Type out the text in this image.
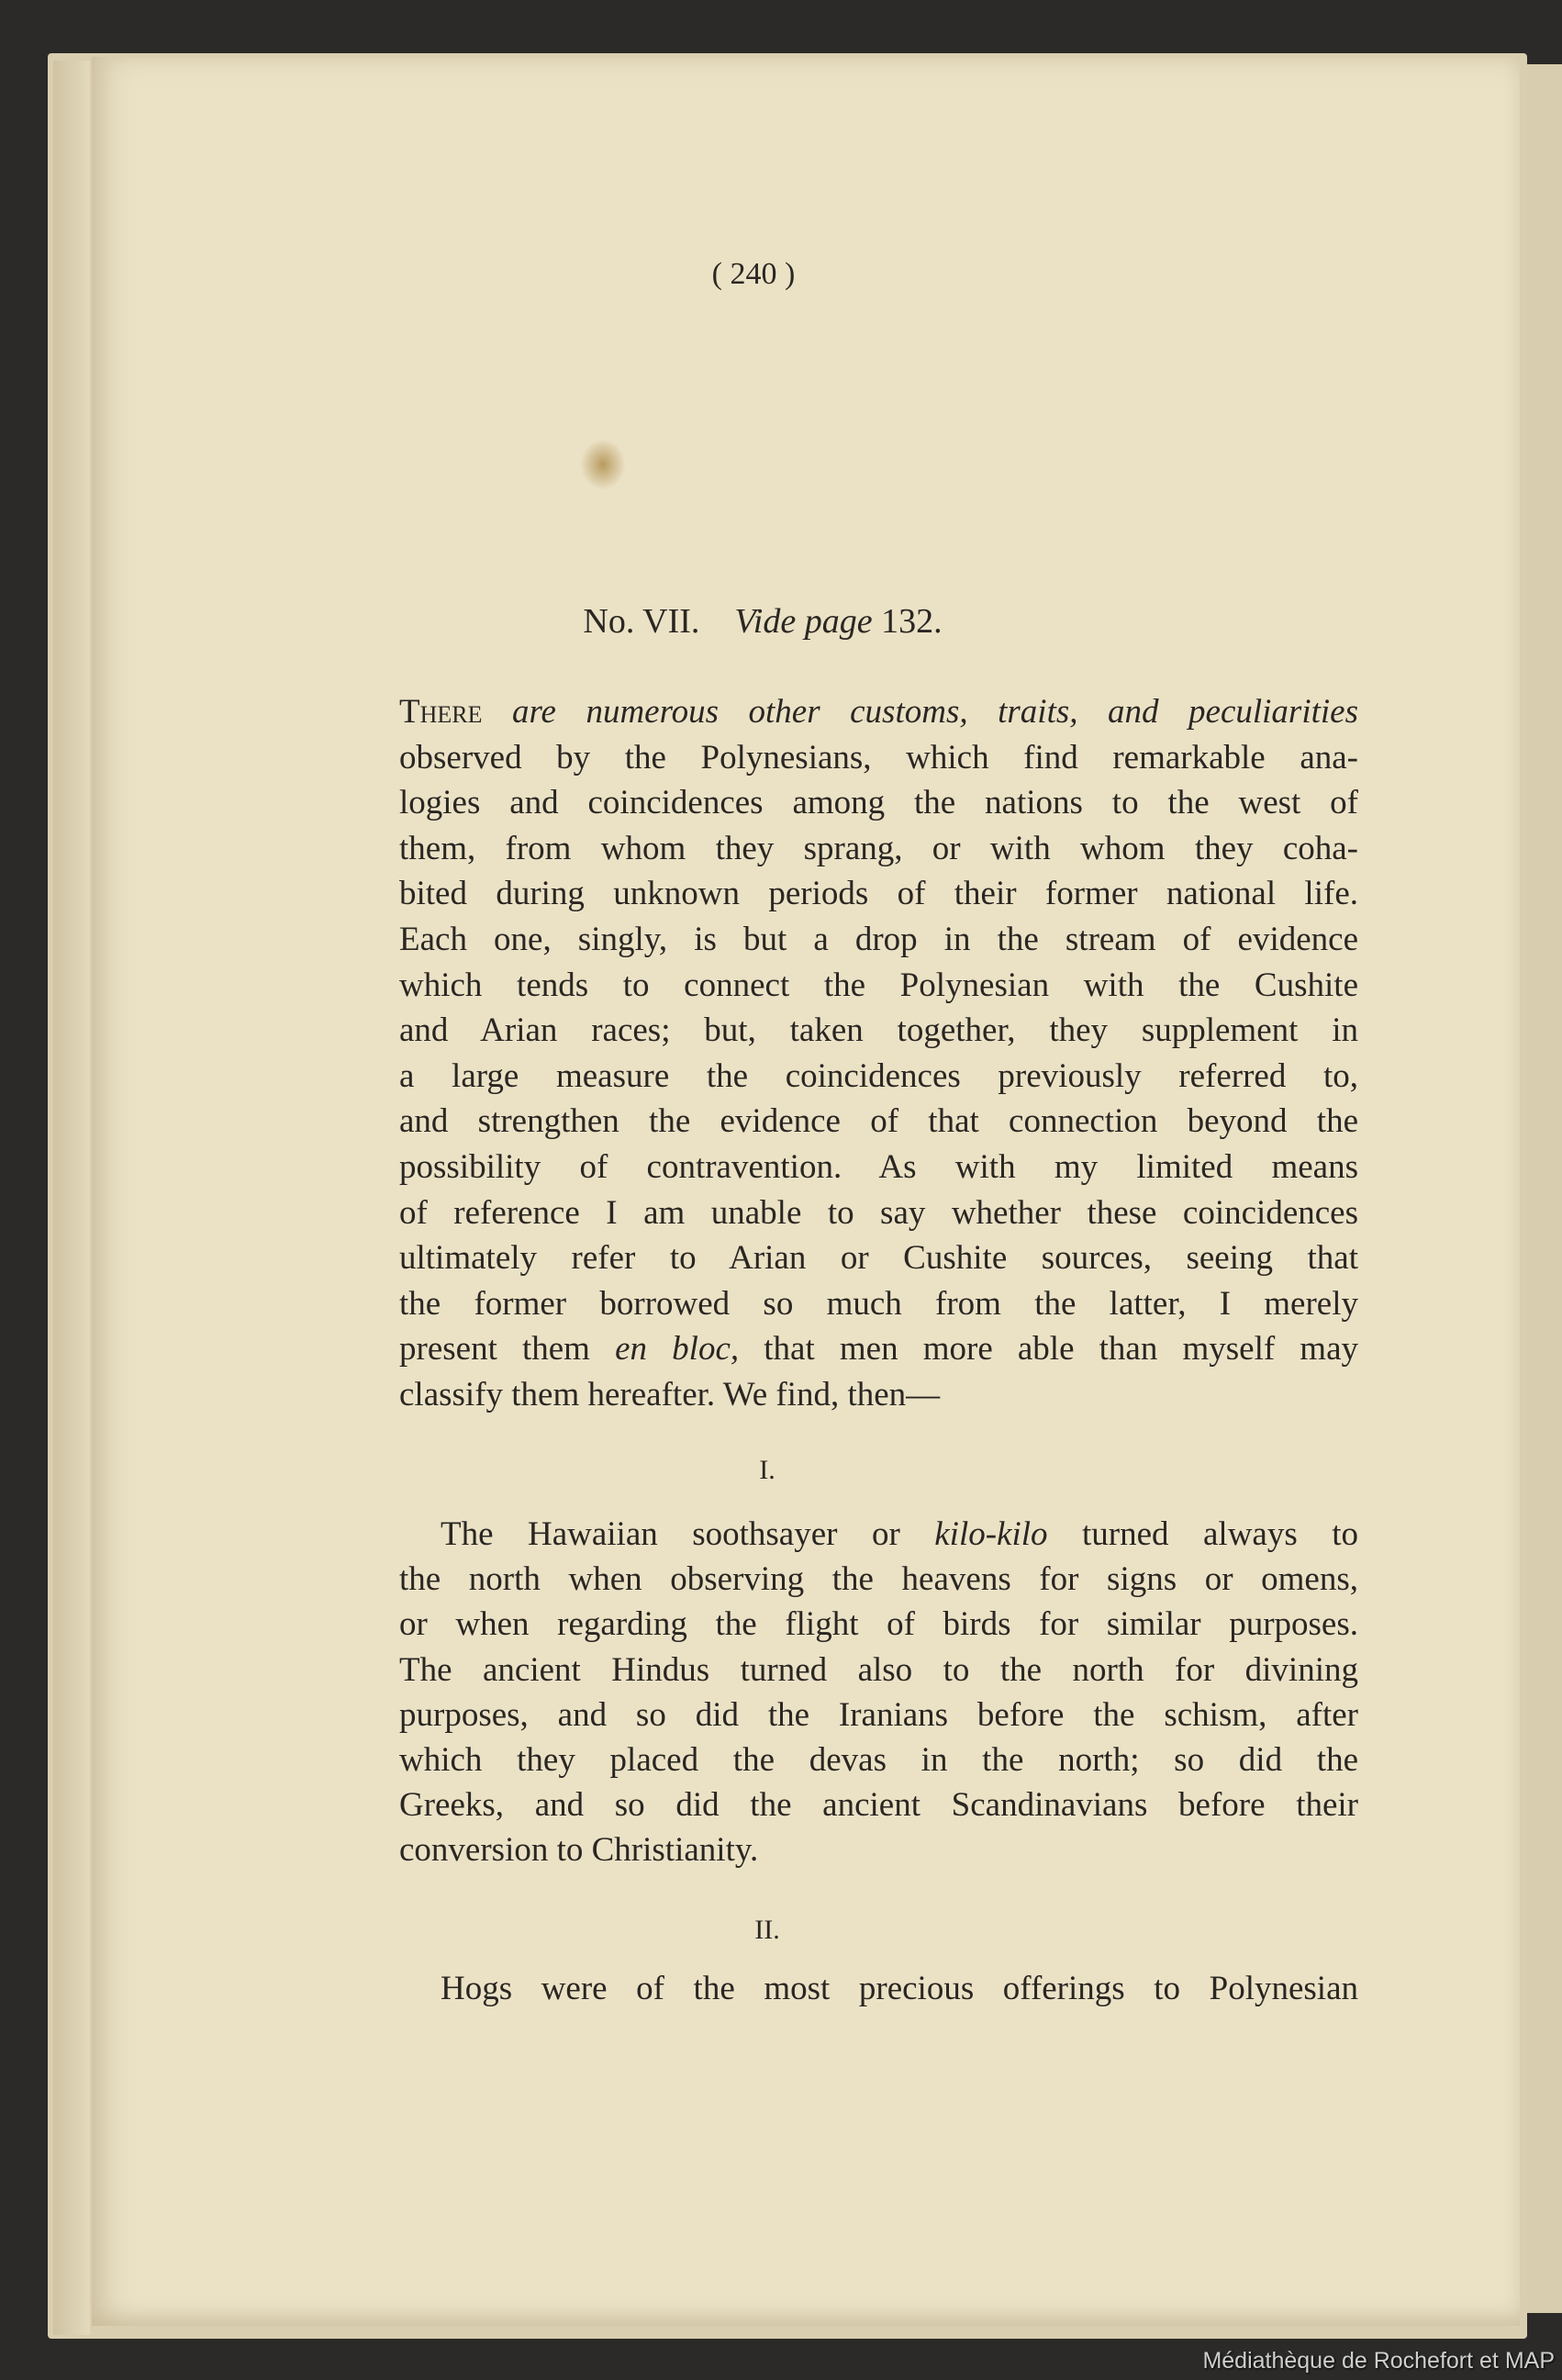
( 240 )
No. VII. Vide page 132.
There are numerous other customs, traits, and peculiarities
observed by the Polynesians, which find remarkable ana-
logies and coincidences among the nations to the west of
them, from whom they sprang, or with whom they coha-
bited during unknown periods of their former national life.
Each one, singly, is but a drop in the stream of evidence
which tends to connect the Polynesian with the Cushite
and Arian races; but, taken together, they supplement in
a large measure the coincidences previously referred to,
and strengthen the evidence of that connection beyond the
possibility of contravention. As with my limited means
of reference I am unable to say whether these coincidences
ultimately refer to Arian or Cushite sources, seeing that
the former borrowed so much from the latter, I merely
present them en bloc, that men more able than myself may
classify them hereafter. We find, then—
I.
The Hawaiian soothsayer or kilo-kilo turned always to
the north when observing the heavens for signs or omens,
or when regarding the flight of birds for similar purposes.
The ancient Hindus turned also to the north for divining
purposes, and so did the Iranians before the schism, after
which they placed the devas in the north; so did the
Greeks, and so did the ancient Scandinavians before their
conversion to Christianity.
II.
Hogs were of the most precious offerings to Polynesian
Médiathèque de Rochefort et MAP
